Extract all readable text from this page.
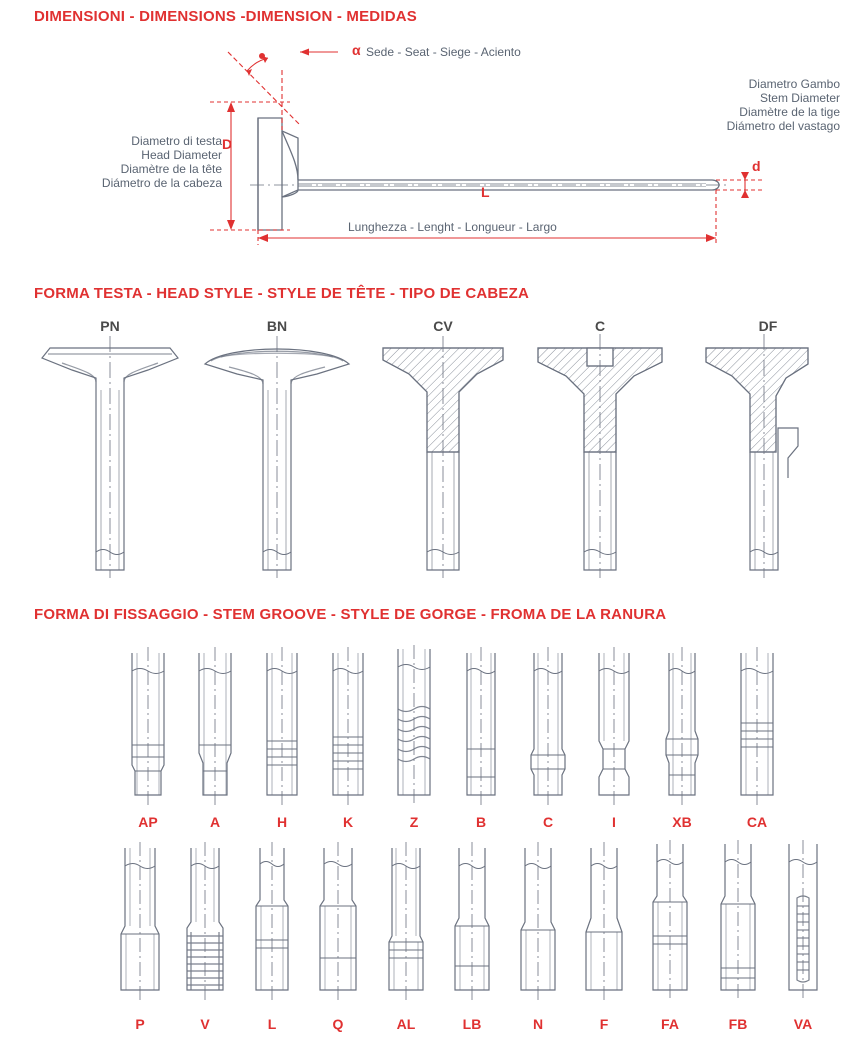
DIMENSIONI - DIMENSIONS -DIMENSION - MEDIDAS
α Sede - Seat - Siege - Aciento
Diametro di testa
Head Diameter
Diamètre de la tête
Diámetro de la cabeza
Diametro Gambo
Stem Diameter
Diamètre de la tige
Diámetro del vastago
D
d
L
Lunghezza - Lenght - Longueur - Largo
FORMA TESTA - HEAD STYLE - STYLE DE TÊTE - TIPO DE CABEZA
PN	BN	CV	C	DF
FORMA DI FISSAGGIO - STEM GROOVE - STYLE DE GORGE - FROMA DE LA RANURA
AP	A	H	K	Z	B	C	I	XB	CA
P	V	L	Q	AL	LB	N	F	FA	FB	VA
